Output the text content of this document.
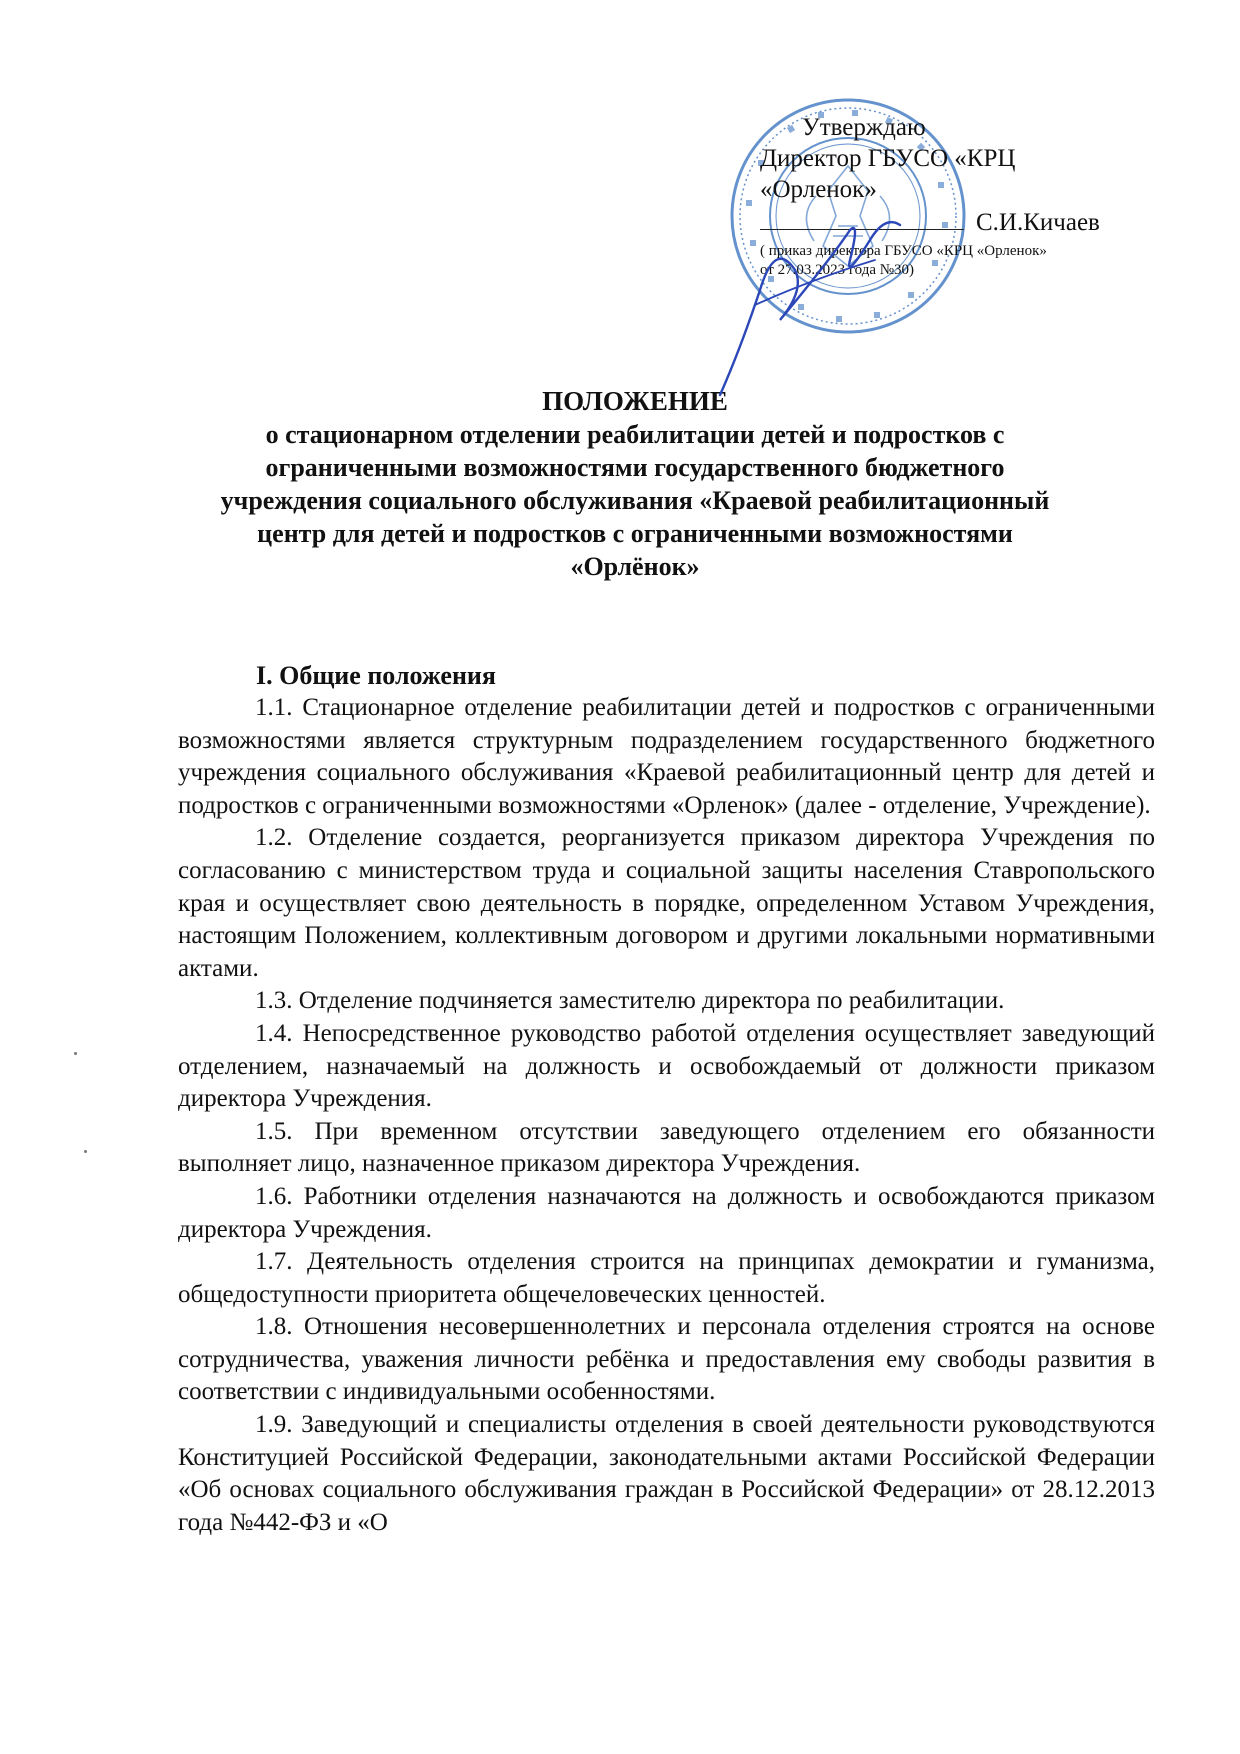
Утверждаю
Директор ГБУСО «КРЦ
«Орленок»
С.И.Кичаев
( приказ директора ГБУСО «КРЦ «Орленок»
от 27.03.2023 года №30)
ПОЛОЖЕНИЕ
о стационарном отделении реабилитации детей и подростков с
ограниченными возможностями государственного бюджетного
учреждения социального обслуживания «Краевой реабилитационный
центр для детей и подростков с ограниченными возможностями
«Орлёнок»

I. Общие положения

1.1. Стационарное отделение реабилитации детей и подростков с ограниченными возможностями является структурным подразделением государственного бюджетного учреждения социального обслуживания «Краевой реабилитационный центр для детей и подростков с ограниченными возможностями «Орленок» (далее - отделение, Учреждение).

1.2. Отделение создается, реорганизуется приказом директора Учреждения по согласованию с министерством труда и социальной защиты населения Ставропольского края и осуществляет свою деятельность в порядке, определенном Уставом Учреждения, настоящим Положением, коллективным договором и другими локальными нормативными актами.

1.3. Отделение подчиняется заместителю директора по реабилитации.

1.4. Непосредственное руководство работой отделения осуществляет заведующий отделением, назначаемый на должность и освобождаемый от должности приказом директора Учреждения.

1.5. При временном отсутствии заведующего отделением его обязанности выполняет лицо, назначенное приказом директора Учреждения.

1.6. Работники отделения назначаются на должность и освобождаются приказом директора Учреждения.

1.7. Деятельность отделения строится на принципах демократии и гуманизма, общедоступности приоритета общечеловеческих ценностей.

1.8. Отношения несовершеннолетних и персонала отделения строятся на основе сотрудничества, уважения личности ребёнка и предоставления ему свободы развития в соответствии с индивидуальными особенностями.

1.9. Заведующий и специалисты отделения в своей деятельности руководствуются Конституцией Российской Федерации, законодательными актами Российской Федерации «Об основах социального обслуживания граждан в Российской Федерации» от 28.12.2013 года №442-ФЗ и «О
